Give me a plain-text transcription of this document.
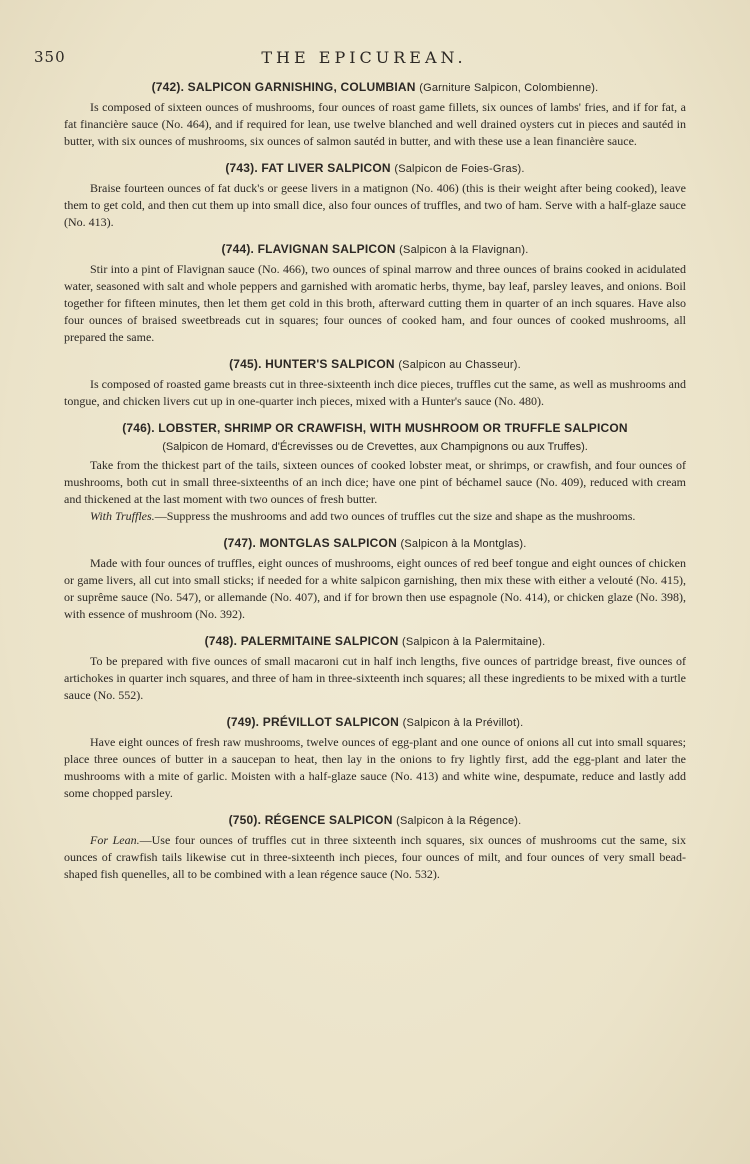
350	THE EPICUREAN.
(742). SALPICON GARNISHING, COLUMBIAN (Garniture Salpicon, Colombienne).

Is composed of sixteen ounces of mushrooms, four ounces of roast game fillets, six ounces of lambs' fries, and if for fat, a fat financière sauce (No. 464), and if required for lean, use twelve blanched and well drained oysters cut in pieces and sautéd in butter, with six ounces of mushrooms, six ounces of salmon sautéd in butter, and with these use a lean financière sauce.

(743). FAT LIVER SALPICON (Salpicon de Foies-Gras).

Braise fourteen ounces of fat duck's or geese livers in a matignon (No. 406) (this is their weight after being cooked), leave them to get cold, and then cut them up into small dice, also four ounces of truffles, and two of ham. Serve with a half-glaze sauce (No. 413).

(744). FLAVIGNAN SALPICON (Salpicon à la Flavignan).

Stir into a pint of Flavignan sauce (No. 466), two ounces of spinal marrow and three ounces of brains cooked in acidulated water, seasoned with salt and whole peppers and garnished with aromatic herbs, thyme, bay leaf, parsley leaves, and onions. Boil together for fifteen minutes, then let them get cold in this broth, afterward cutting them in quarter of an inch squares. Have also four ounces of braised sweetbreads cut in squares; four ounces of cooked ham, and four ounces of cooked mushrooms, all prepared the same.

(745). HUNTER'S SALPICON (Salpicon au Chasseur).

Is composed of roasted game breasts cut in three-sixteenth inch dice pieces, truffles cut the same, as well as mushrooms and tongue, and chicken livers cut up in one-quarter inch pieces, mixed with a Hunter's sauce (No. 480).

(746). LOBSTER, SHRIMP OR CRAWFISH, WITH MUSHROOM OR TRUFFLE SALPICON
(Salpicon de Homard, d'Écrevisses ou de Crevettes, aux Champignons ou aux Truffes).

Take from the thickest part of the tails, sixteen ounces of cooked lobster meat, or shrimps, or crawfish, and four ounces of mushrooms, both cut in small three-sixteenths of an inch dice; have one pint of béchamel sauce (No. 409), reduced with cream and thickened at the last moment with two ounces of fresh butter.

With Truffles.—Suppress the mushrooms and add two ounces of truffles cut the size and shape as the mushrooms.

(747). MONTGLAS SALPICON (Salpicon à la Montglas).

Made with four ounces of truffles, eight ounces of mushrooms, eight ounces of red beef tongue and eight ounces of chicken or game livers, all cut into small sticks; if needed for a white salpicon garnishing, then mix these with either a velouté (No. 415), or suprême sauce (No. 547), or allemande (No. 407), and if for brown then use espagnole (No. 414), or chicken glaze (No. 398), with essence of mushroom (No. 392).

(748). PALERMITAINE SALPICON (Salpicon à la Palermitaine).

To be prepared with five ounces of small macaroni cut in half inch lengths, five ounces of partridge breast, five ounces of artichokes in quarter inch squares, and three of ham in three-sixteenth inch squares; all these ingredients to be mixed with a turtle sauce (No. 552).

(749). PRÉVILLOT SALPICON (Salpicon à la Prévillot).

Have eight ounces of fresh raw mushrooms, twelve ounces of egg-plant and one ounce of onions all cut into small squares; place three ounces of butter in a saucepan to heat, then lay in the onions to fry lightly first, add the egg-plant and later the mushrooms with a mite of garlic. Moisten with a half-glaze sauce (No. 413) and white wine, despumate, reduce and lastly add some chopped parsley.

(750). RÉGENCE SALPICON (Salpicon à la Régence).

For Lean.—Use four ounces of truffles cut in three sixteenth inch squares, six ounces of mushrooms cut the same, six ounces of crawfish tails likewise cut in three-sixteenth inch pieces, four ounces of milt, and four ounces of very small bead-shaped fish quenelles, all to be combined with a lean régence sauce (No. 532).
